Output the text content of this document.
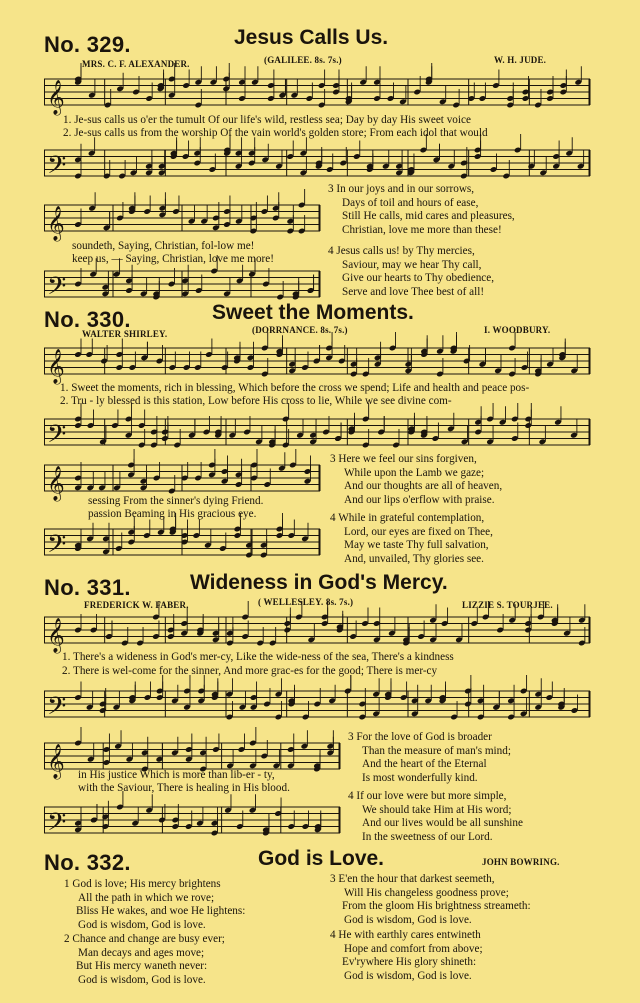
No. 329.	Jesus Calls Us.
MRS. C. F. ALEXANDER.	(GALILEE. 8s. 7s.)	W. H. JUDE.
𝄞
1. Je-sus calls us o'er the tumult Of our life's wild, restless sea; Day by day His sweet voice
2. Je-sus calls us from the worship Of the vain world's golden store; From each idol that would
𝄢
𝄞
soundeth, Saying, Christian, fol-low me!
keep us, — Saying, Christian, love me more!
𝄢
3 In our joys and in our sorrows,
Days of toil and hours of ease,
Still He calls, mid cares and pleasures,
Christian, love me more than these!
4 Jesus calls us! by Thy mercies,
Saviour, may we hear Thy call,
Give our hearts to Thy obedience,
Serve and love Thee best of all!
No. 330.	Sweet the Moments.
WALTER SHIRLEY.	(DORRNANCE. 8s. 7s.)	I. WOODBURY.
𝄞
1. Sweet the moments, rich in blessing, Which before the cross we spend; Life and health and peace pos-
2. Tru - ly blessed is this station, Low before His cross to lie, While we see divine com-
𝄢
𝄞 sessing From the sinner's dying Friend.
passion Beaming in His gracious eye.
𝄢
3 Here we feel our sins forgiven,
While upon the Lamb we gaze;
And our thoughts are all of heaven,
And our lips o'erflow with praise.
4 While in grateful contemplation,
Lord, our eyes are fixed on Thee,
May we taste Thy full salvation,
And, unvailed, Thy glories see.
No. 331.	Wideness in God's Mercy.
FREDERICK W. FABER.	( WELLESLEY. 8s. 7s.)	LIZZIE S. TOURJEE.
𝄞
1. There's a wideness in God's mer-cy, Like the wide-ness of the sea, There's a kindness
2. There is wel-come for the sinner, And more grac-es for the good; There is mer-cy
𝄢
𝄞 in His justice Which is more than lib-er - ty,
with the Saviour, There is healing in His blood.
𝄢
3 For the love of God is broader
Than the measure of man's mind;
And the heart of the Eternal
Is most wonderfully kind.
4 If our love were but more simple,
We should take Him at His word;
And our lives would be all sunshine
In the sweetness of our Lord.
No. 332.	God is Love.	JOHN BOWRING.
1 God is love; His mercy brightens
All the path in which we rove;
Bliss He wakes, and woe He lightens:
God is wisdom, God is love.
2 Chance and change are busy ever;
Man decays and ages move;
But His mercy waneth never:
God is wisdom, God is love.
3 E'en the hour that darkest seemeth,
Will His changeless goodness prove;
From the gloom His brightness streameth:
God is wisdom, God is love.
4 He with earthly cares entwineth
Hope and comfort from above;
Ev'rywhere His glory shineth:
God is wisdom, God is love.
